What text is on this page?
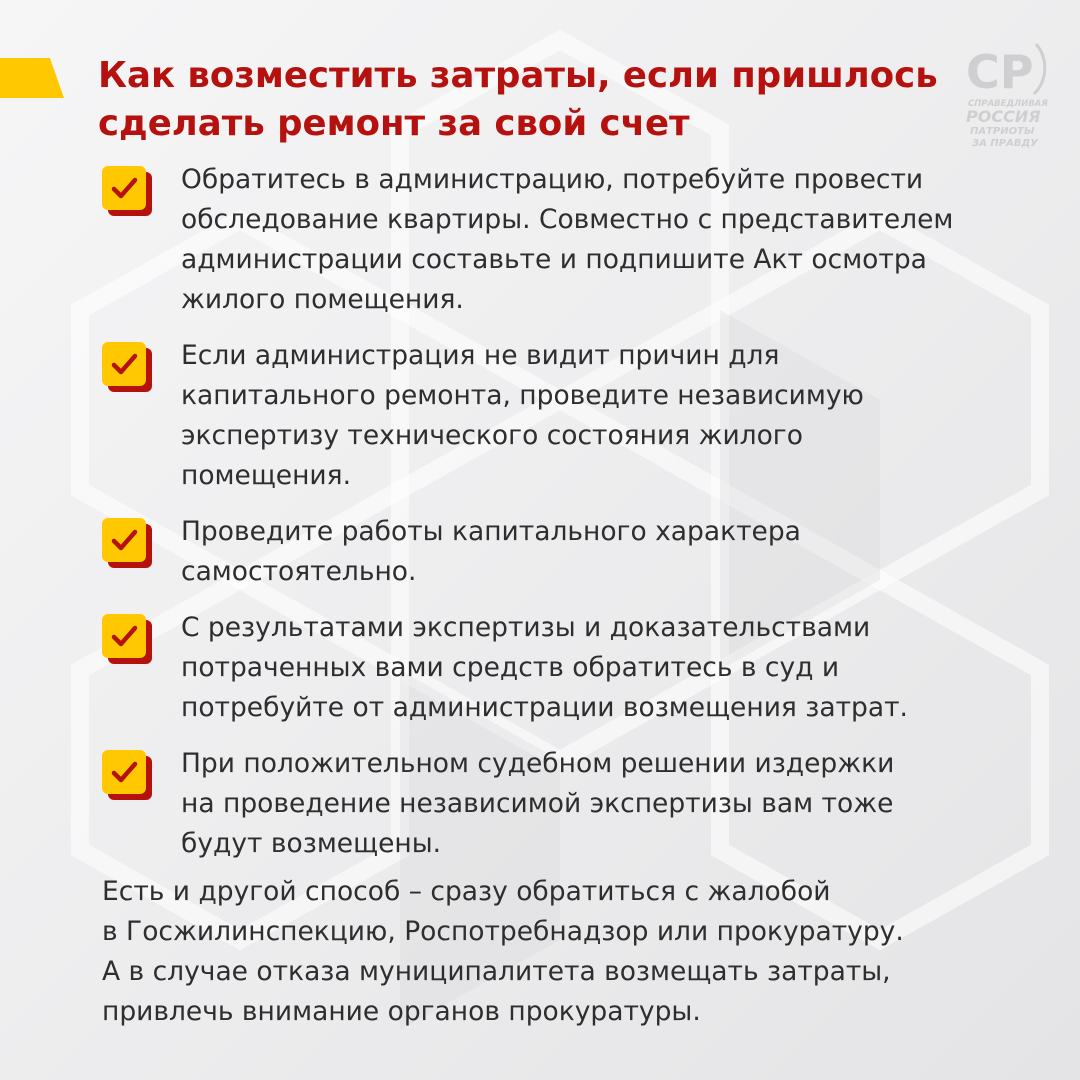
Как возместить затраты, если пришлось
сделать ремонт за свой счет
СР
СПРАВЕДЛИВАЯ
РОССИЯ
ПАТРИОТЫ
ЗА ПРАВДУ

Обратитесь в администрацию, потребуйте провести
обследование квартиры. Совместно с представителем
администрации составьте и подпишите Акт осмотра
жилого помещения.

Если администрация не видит причин для
капитального ремонта, проведите независимую
экспертизу технического состояния жилого
помещения.

Проведите работы капитального характера
самостоятельно.

С результатами экспертизы и доказательствами
потраченных вами средств обратитесь в суд и
потребуйте от администрации возмещения затрат.

При положительном судебном решении издержки
на проведение независимой экспертизы вам тоже
будут возмещены.

Есть и другой способ – сразу обратиться с жалобой
в Госжилинспекцию, Роспотребнадзор или прокуратуру.
А в случае отказа муниципалитета возмещать затраты,
привлечь внимание органов прокуратуры.
